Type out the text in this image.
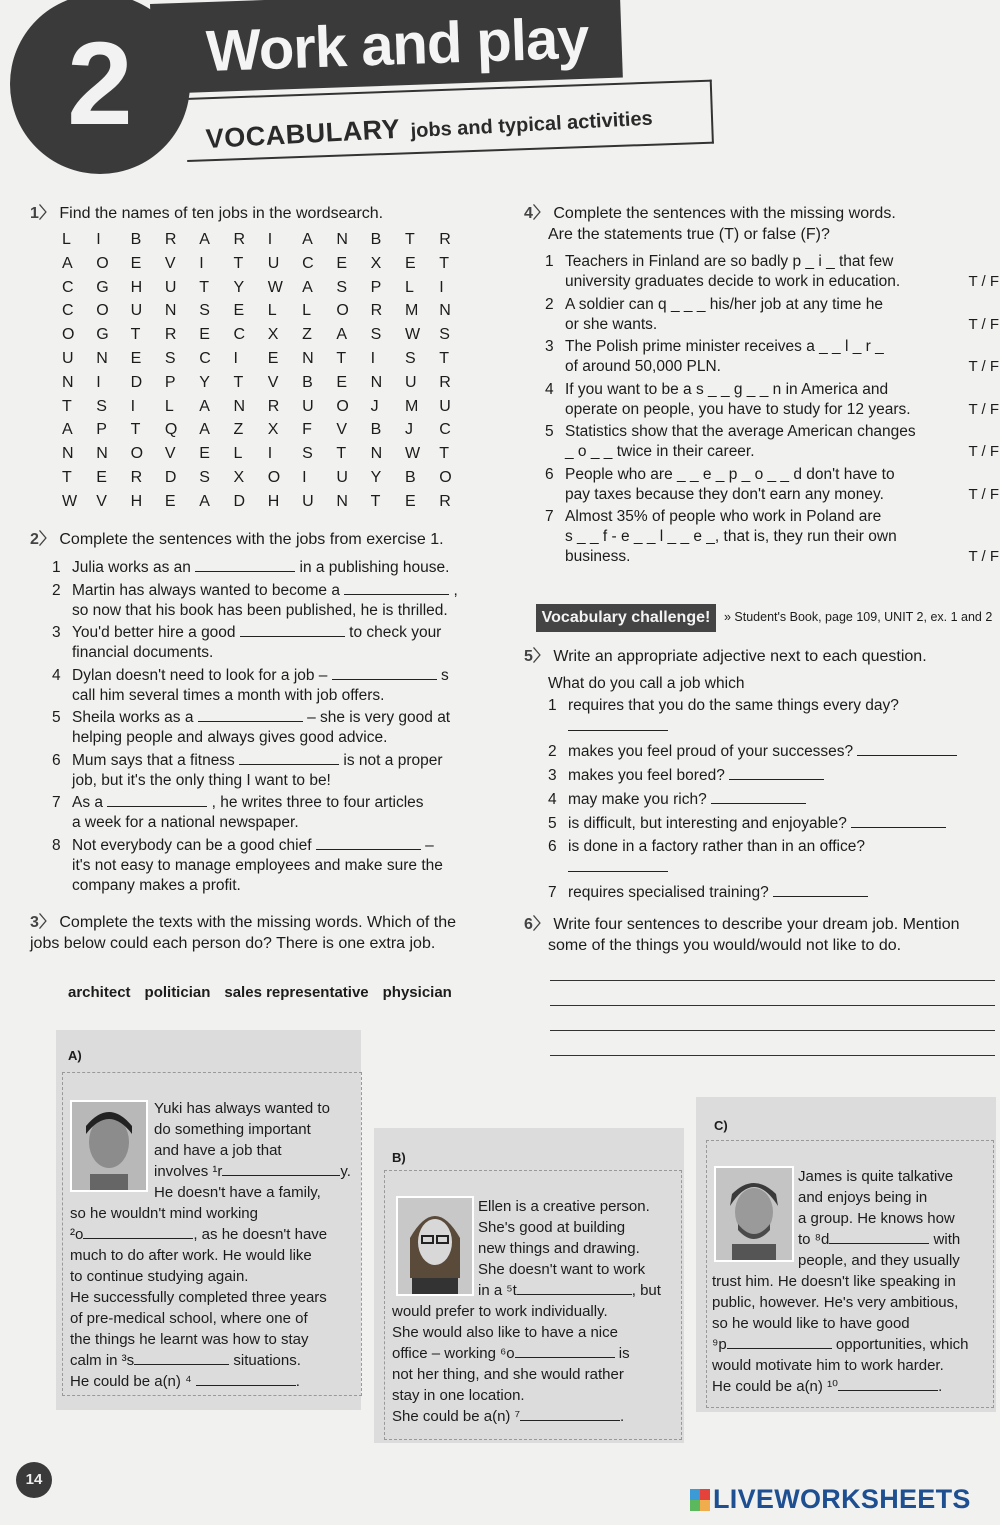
2	Work and play
VOCABULARY jobs and typical activities
1〉 Find the names of ten jobs in the wordsearch.
L	I	B	R	A	R	I	A	N	B	T	R
A	O	E	V	I	T	U	C	E	X	E	T
C	G	H	U	T	Y	W	A	S	P	L	I
C	O	U	N	S	E	L	L	O	R	M	N
O	G	T	R	E	C	X	Z	A	S	W	S
U	N	E	S	C	I	E	N	T	I	S	T
N	I	D	P	Y	T	V	B	E	N	U	R
T	S	I	L	A	N	R	U	O	J	M	U
A	P	T	Q	A	Z	X	F	V	B	J	C
N	N	O	V	E	L	I	S	T	N	W	T
T	E	R	D	S	X	O	I	U	Y	B	O
W	V	H	E	A	D	H	U	N	T	E	R
2〉 Complete the sentences with the jobs from exercise 1.
1 Julia works as an	in a publishing house.
2 Martin has always wanted to become a	,
so now that his book has been published, he is thrilled.
3 You'd better hire a good	to check your
financial documents.
4 Dylan doesn't need to look for a job –	s
call him several times a month with job offers.
5 Sheila works as a	– she is very good at
helping people and always gives good advice.
6 Mum says that a fitness	is not a proper
job, but it's the only thing I want to be!
7 As a	, he writes three to four articles
a week for a national newspaper.
8 Not everybody can be a good chief	–
it's not easy to manage employees and make sure the company makes a profit.
3〉 Complete the texts with the missing words. Which of the jobs below could each person do? There is one extra job.
architect politician sales representative physician
A)
Yuki has always wanted to
do something important
and have a job that
involves ¹r	y.
He doesn't have a family,
so he wouldn't mind working
²o	, as he doesn't have
much to do after work. He would like
to continue studying again.
He successfully completed three years
of pre-medical school, where one of
the things he learnt was how to stay
calm in ³s	situations.
He could be a(n) ⁴	.
B)
Ellen is a creative person.
She's good at building
new things and drawing.
She doesn't want to work
in a ⁵t	, but
would prefer to work individually.
She would also like to have a nice
office – working ⁶o	is
not her thing, and she would rather
stay in one location.
She could be a(n) ⁷	.
C)
James is quite talkative
and enjoys being in
a group. He knows how
to ⁸d	with
people, and they usually
trust him. He doesn't like speaking in
public, however. He's very ambitious,
so he would like to have good
⁹p	opportunities, which
would motivate him to work harder.
He could be a(n) ¹⁰	.
4〉 Complete the sentences with the missing words.
Are the statements true (T) or false (F)?
1 Teachers in Finland are so badly p _ i _ that few
university graduates decide to work in education.	T / F
2 A soldier can q _ _ _ his/her job at any time he
or she wants.	T / F
3 The Polish prime minister receives a _ _ l _ r _
of around 50,000 PLN.	T / F
4 If you want to be a s _ _ g _ _ n in America and
operate on people, you have to study for 12 years.	T / F
5 Statistics show that the average American changes
_ o _ _ twice in their career.	T / F
6 People who are _ _ e _ p _ o _ _ d don't have to
pay taxes because they don't earn any money.	T / F
7 Almost 35% of people who work in Poland are
s _ _ f - e _ _ l _ _ e _, that is, they run their own
business.	T / F
Vocabulary challenge!	» Student's Book, page 109, UNIT 2, ex. 1 and 2
5〉 Write an appropriate adjective next to each question.
What do you call a job which
1 requires that you do the same things every day?

2 makes you feel proud of your successes?
3 makes you feel bored?
4 may make you rich?
5 is difficult, but interesting and enjoyable?
6 is done in a factory rather than in an office?

7 requires specialised training?
6〉 Write four sentences to describe your dream job. Mention
some of the things you would/would not like to do.
14
LIVEWORKSHEETS
